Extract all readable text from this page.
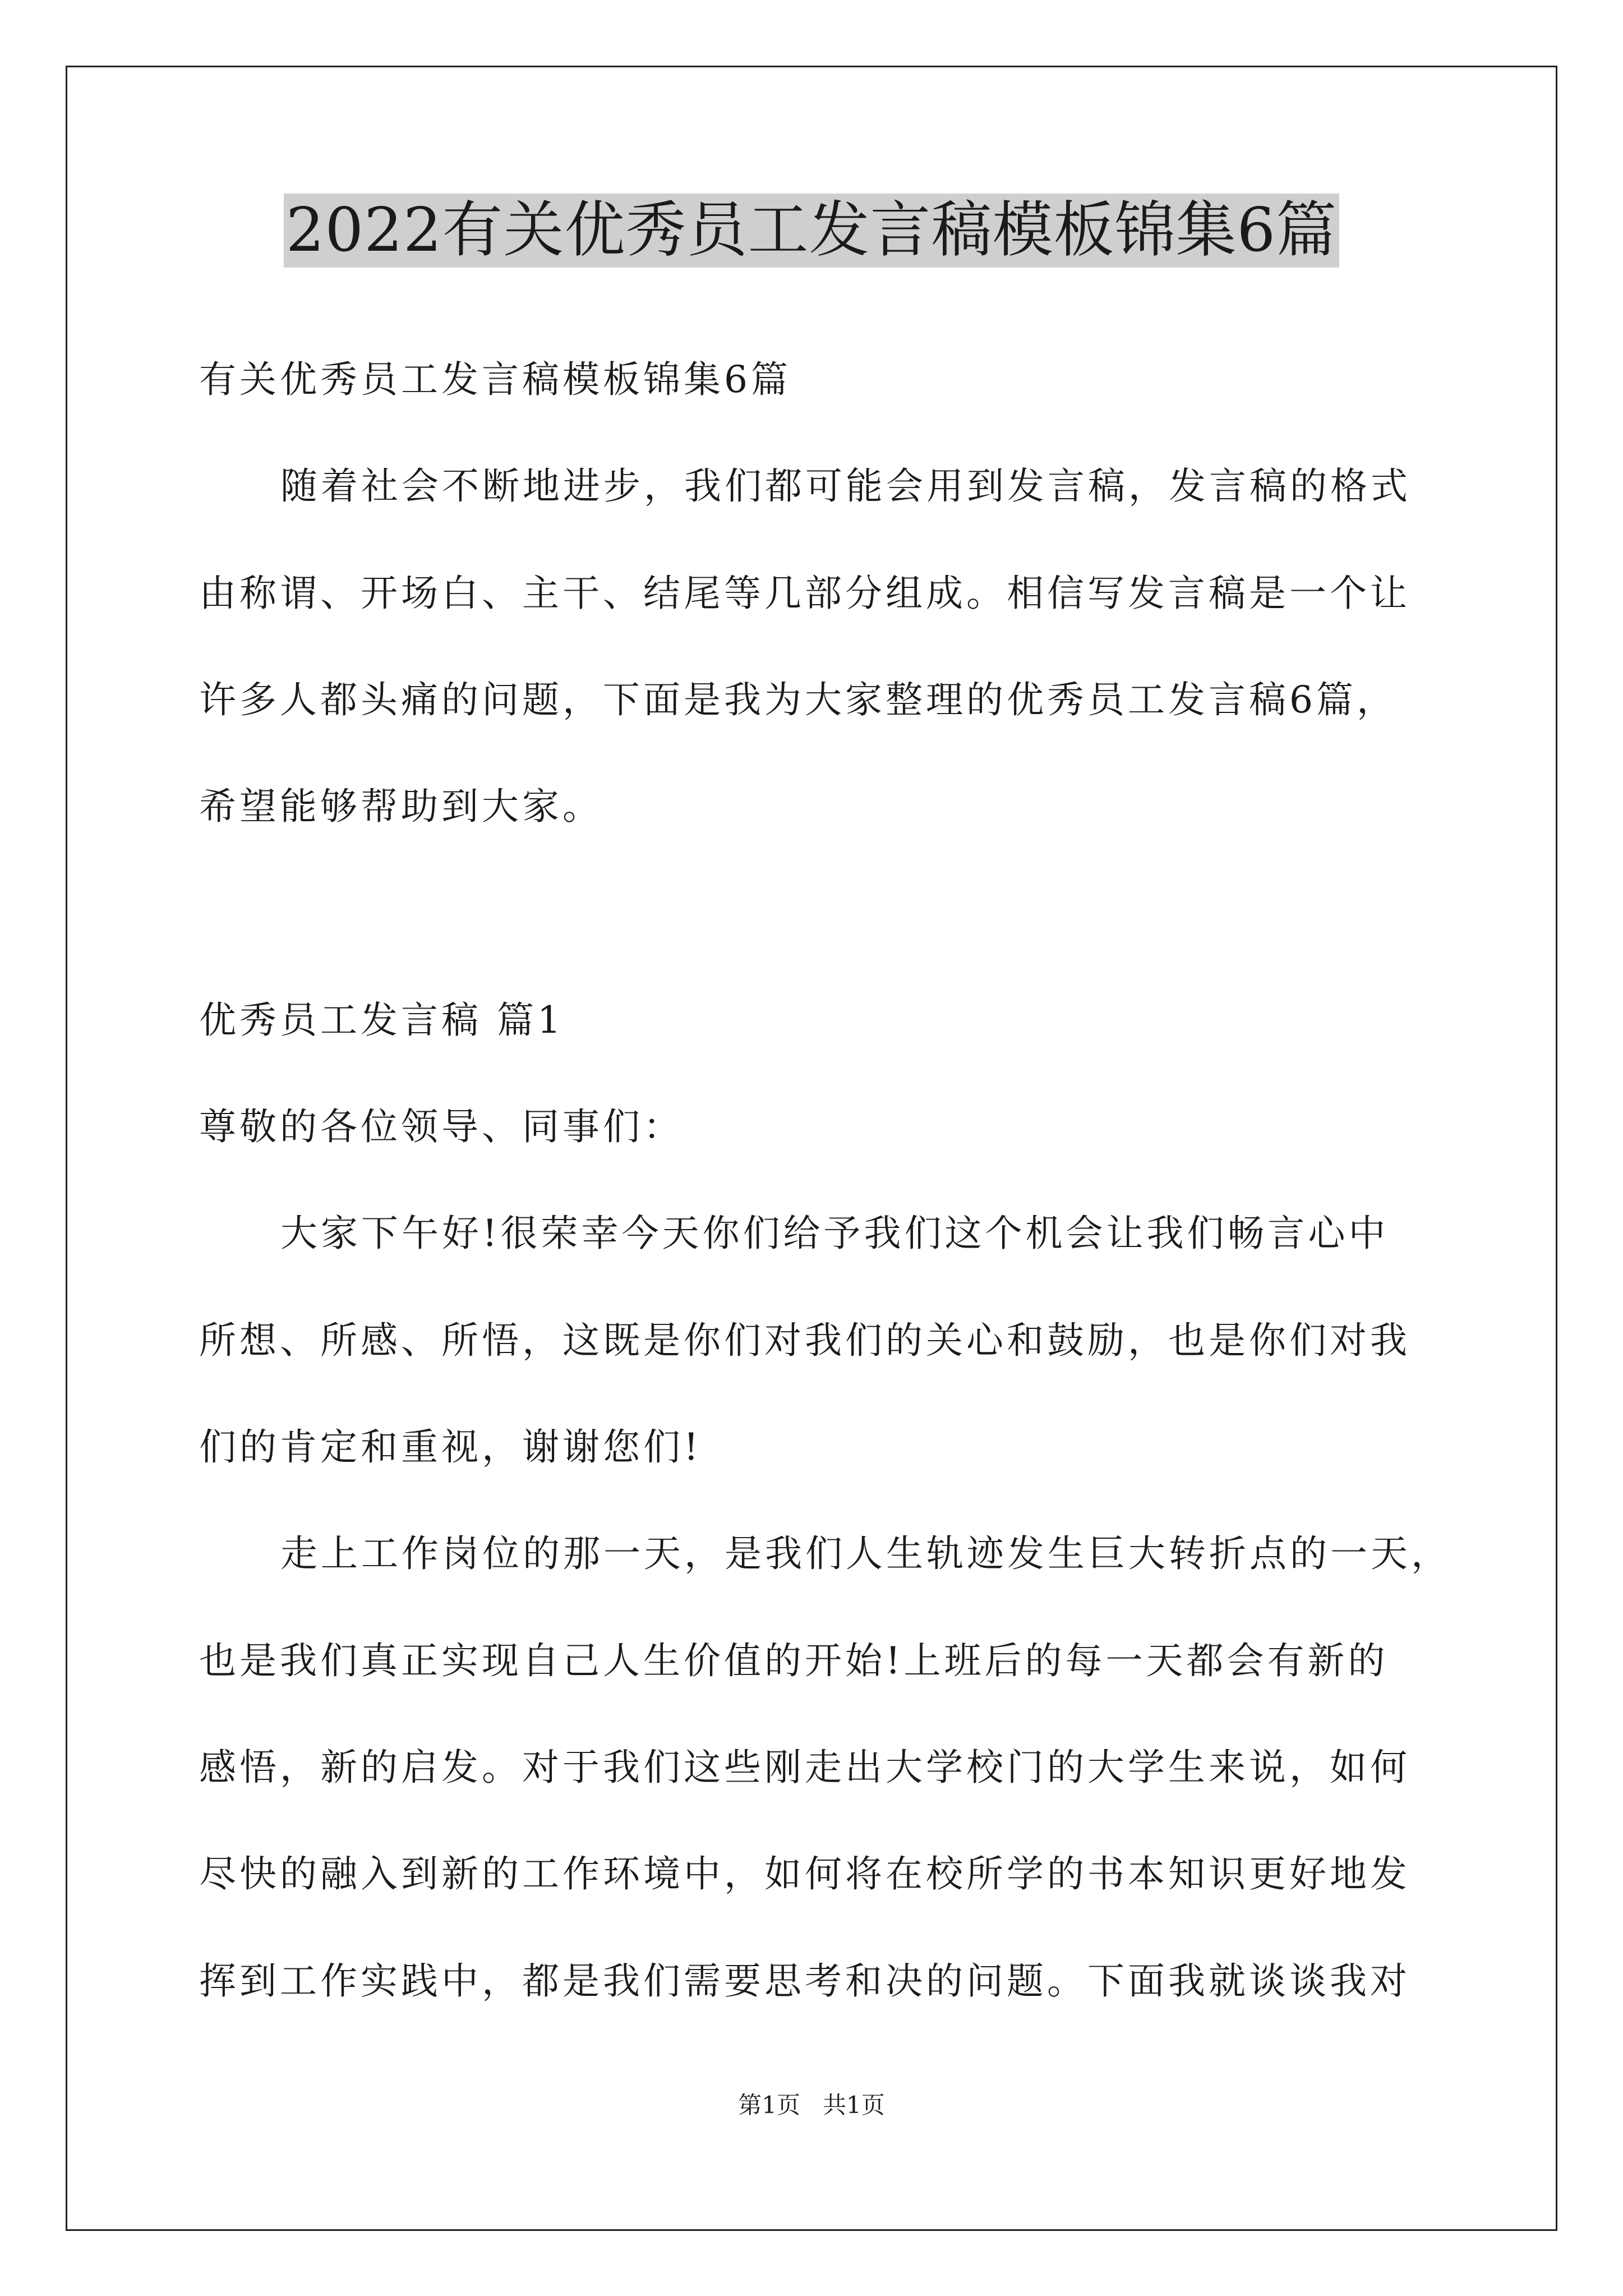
2022有关优秀员工发言稿模板锦集6篇
有关优秀员工发言稿模板锦集6篇
随着社会不断地进步，我们都可能会用到发言稿，发言稿的格式
由称谓、开场白、主干、结尾等几部分组成。相信写发言稿是一个让
许多人都头痛的问题，下面是我为大家整理的优秀员工发言稿6篇，
希望能够帮助到大家。
优秀员工发言稿 篇1
尊敬的各位领导、同事们：
大家下午好!很荣幸今天你们给予我们这个机会让我们畅言心中
所想、所感、所悟，这既是你们对我们的关心和鼓励，也是你们对我
们的肯定和重视，谢谢您们!
走上工作岗位的那一天，是我们人生轨迹发生巨大转折点的一天，
也是我们真正实现自己人生价值的开始!上班后的每一天都会有新的
感悟，新的启发。对于我们这些刚走出大学校门的大学生来说，如何
尽快的融入到新的工作环境中，如何将在校所学的书本知识更好地发
挥到工作实践中，都是我们需要思考和决的问题。下面我就谈谈我对
第1页   共1页
